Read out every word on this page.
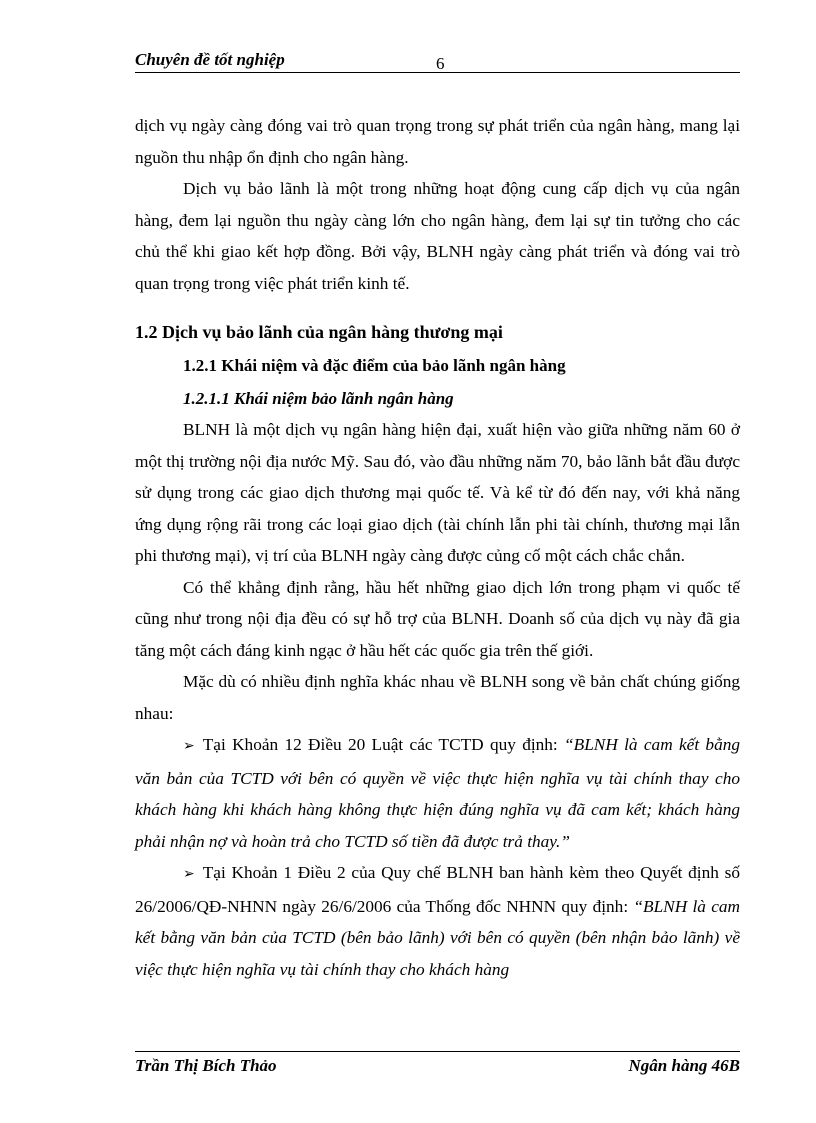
Chuyên đề tốt nghiệp	6

dịch vụ ngày càng đóng vai trò quan trọng trong sự phát triển của ngân hàng, mang lại nguồn thu nhập ổn định cho ngân hàng.

Dịch vụ bảo lãnh là một trong những hoạt động cung cấp dịch vụ của ngân hàng, đem lại nguồn thu ngày càng lớn cho ngân hàng, đem lại sự tin tưởng cho các chủ thể khi giao kết hợp đồng. Bởi vậy, BLNH ngày càng phát triển và đóng vai trò quan trọng trong việc phát triển kinh tế.

1.2 Dịch vụ bảo lãnh của ngân hàng thương mại
1.2.1 Khái niệm và đặc điểm của bảo lãnh ngân hàng
1.2.1.1 Khái niệm bảo lãnh ngân hàng

BLNH là một dịch vụ ngân hàng hiện đại, xuất hiện vào giữa những năm 60 ở một thị trường nội địa nước Mỹ. Sau đó, vào đầu những năm 70, bảo lãnh bắt đầu được sử dụng trong các giao dịch thương mại quốc tế. Và kể từ đó đến nay, với khả năng ứng dụng rộng rãi trong các loại giao dịch (tài chính lẫn phi tài chính, thương mại lẫn phi thương mại), vị trí của BLNH ngày càng được củng cố một cách chắc chắn.

Có thể khẳng định rằng, hầu hết những giao dịch lớn trong phạm vi quốc tế cũng như trong nội địa đều có sự hỗ trợ của BLNH. Doanh số của dịch vụ này đã gia tăng một cách đáng kinh ngạc ở hầu hết các quốc gia trên thế giới.

Mặc dù có nhiều định nghĩa khác nhau về BLNH song về bản chất chúng giống nhau:

➢ Tại Khoản 12 Điều 20 Luật các TCTD quy định: “BLNH là cam kết bằng văn bản của TCTD với bên có quyền về việc thực hiện nghĩa vụ tài chính thay cho khách hàng khi khách hàng không thực hiện đúng nghĩa vụ đã cam kết; khách hàng phải nhận nợ và hoàn trả cho TCTD số tiền đã được trả thay.”

➢ Tại Khoản 1 Điều 2 của Quy chế BLNH ban hành kèm theo Quyết định số 26/2006/QĐ-NHNN ngày 26/6/2006 của Thống đốc NHNN quy định: “BLNH là cam kết bằng văn bản của TCTD (bên bảo lãnh) với bên có quyền (bên nhận bảo lãnh) về việc thực hiện nghĩa vụ tài chính thay cho khách hàng

Trần Thị Bích Thảo	Ngân hàng 46B
